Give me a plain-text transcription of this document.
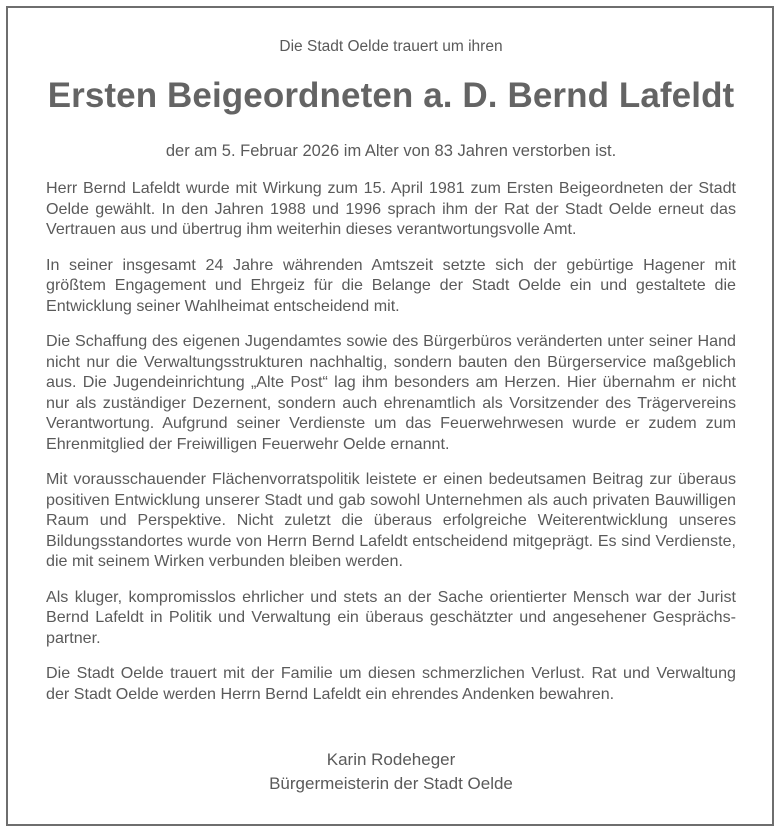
Die Stadt Oelde trauert um ihren
Ersten Beigeordneten a. D. Bernd Lafeldt
der am 5. Februar 2026 im Alter von 83 Jahren verstorben ist.

Herr Bernd Lafeldt wurde mit Wirkung zum 15. April 1981 zum Ersten Beigeordneten der Stadt Oelde gewählt. In den Jahren 1988 und 1996 sprach ihm der Rat der Stadt Oelde erneut das Vertrauen aus und übertrug ihm weiterhin dieses verantwortungsvolle Amt.

In seiner insgesamt 24 Jahre währenden Amtszeit setzte sich der gebürtige Hagener mit größtem Engagement und Ehrgeiz für die Belange der Stadt Oelde ein und gestaltete die Entwicklung seiner Wahlheimat entscheidend mit.

Die Schaffung des eigenen Jugendamtes sowie des Bürgerbüros veränderten unter seiner Hand nicht nur die Verwaltungsstrukturen nachhaltig, sondern bauten den Bürgerservice maßgeblich aus. Die Jugendeinrichtung „Alte Post“ lag ihm besonders am Herzen. Hier übernahm er nicht nur als zuständiger Dezernent, sondern auch ehrenamtlich als Vorsitzender des Trägervereins Verantwortung. Aufgrund seiner Verdienste um das Feuerwehrwesen wurde er zudem zum Ehrenmitglied der Freiwilligen Feuerwehr Oelde ernannt.

Mit vorausschauender Flächenvorratspolitik leistete er einen bedeutsamen Beitrag zur überaus positiven Entwicklung unserer Stadt und gab sowohl Unternehmen als auch privaten Bauwilligen Raum und Perspektive. Nicht zuletzt die überaus erfolgreiche Weiterentwicklung unseres Bildungsstandortes wurde von Herrn Bernd Lafeldt entscheidend mitgeprägt. Es sind Verdienste, die mit seinem Wirken verbunden bleiben werden.

Als kluger, kompromisslos ehrlicher und stets an der Sache orientierter Mensch war der Jurist Bernd Lafeldt in Politik und Verwaltung ein überaus geschätzter und angesehener Gesprächspartner.

Die Stadt Oelde trauert mit der Familie um diesen schmerzlichen Verlust. Rat und Verwaltung der Stadt Oelde werden Herrn Bernd Lafeldt ein ehrendes Andenken bewahren.

Karin Rodeheger
Bürgermeisterin der Stadt Oelde
